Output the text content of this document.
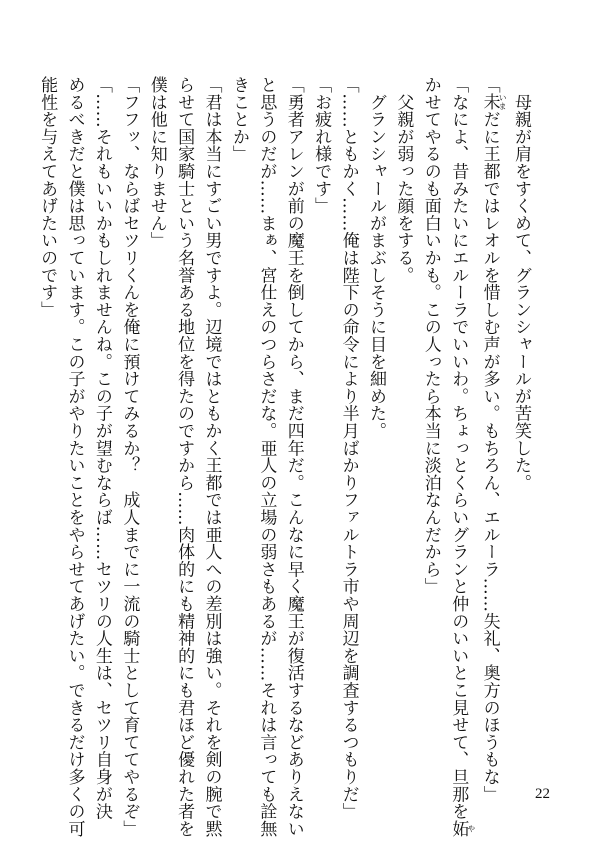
　母親が肩をすくめて、グランシャールが苦笑した。
「未いまだに王都ではレオルを惜しむ声が多い。もちろん、エルーラ……失礼、奥方のほうもな」
「なによ、昔みたいにエルーラでいいわ。ちょっとくらいグランと仲のいいとこ見せて、旦那を妬や
かせてやるのも面白いかも。この人ったら本当に淡泊なんだから」
　父親が弱った顔をする。
　グランシャールがまぶしそうに目を細めた。
「……ともかく……俺は陛下の命令により半月ばかりファルトラ市や周辺を調査するつもりだ」
「お疲れ様です」
「勇者アレンが前の魔王を倒してから、まだ四年だ。こんなに早く魔王が復活するなどありえない
と思うのだが……まぁ、宮仕えのつらさだな。亜人の立場の弱さもあるが……それは言っても詮無
きことか」
「君は本当にすごい男ですよ。辺境ではともかく王都では亜人への差別は強い。それを剣の腕で黙
らせて国家騎士という名誉ある地位を得たのですから……肉体的にも精神的にも君ほど優れた者を
僕は他に知りません」
「フフッ、ならばセツリくんを俺に預けてみるか？　成人までに一流の騎士として育ててやるぞ」
「……それもいいかもしれませんね。この子が望むならば……セツリの人生は、セツリ自身が決
めるべきだと僕は思っています。この子がやりたいことをやらせてあげたい。できるだけ多くの可
能性を与えてあげたいのです」
22
